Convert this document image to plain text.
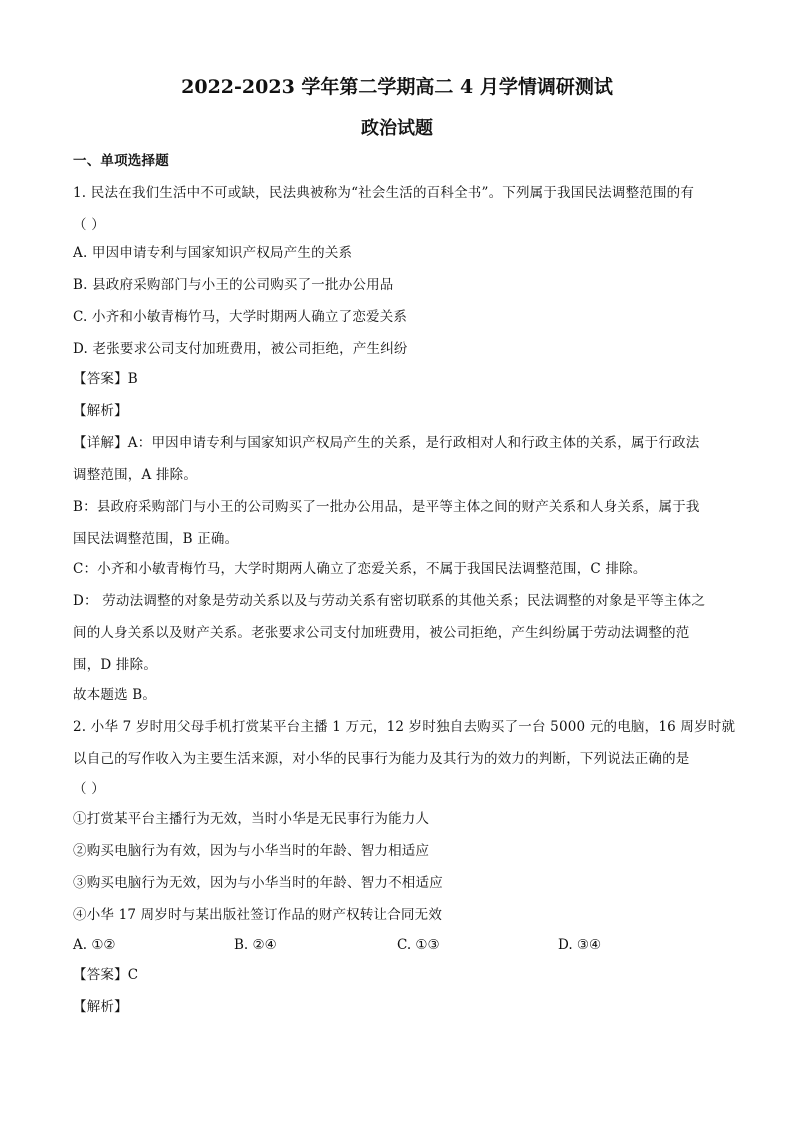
2022-2023 学年第二学期高二 4 月学情调研测试
政治试题
一、单项选择题
1. 民法在我们生活中不可或缺，民法典被称为“社会生活的百科全书”。下列属于我国民法调整范围的有
（ ）
A. 甲因申请专利与国家知识产权局产生的关系
B. 县政府采购部门与小王的公司购买了一批办公用品
C. 小齐和小敏青梅竹马，大学时期两人确立了恋爱关系
D. 老张要求公司支付加班费用，被公司拒绝，产生纠纷
【答案】B
【解析】
【详解】A：甲因申请专利与国家知识产权局产生的关系，是行政相对人和行政主体的关系，属于行政法
调整范围，A 排除。
B：县政府采购部门与小王的公司购买了一批办公用品，是平等主体之间的财产关系和人身关系，属于我
国民法调整范围，B 正确。
C：小齐和小敏青梅竹马，大学时期两人确立了恋爱关系，不属于我国民法调整范围，C 排除。
D： 劳动法调整的对象是劳动关系以及与劳动关系有密切联系的其他关系；民法调整的对象是平等主体之
间的人身关系以及财产关系。老张要求公司支付加班费用，被公司拒绝，产生纠纷属于劳动法调整的范
围，D 排除。
故本题选 B。
2. 小华 7 岁时用父母手机打赏某平台主播 1 万元，12 岁时独自去购买了一台 5000 元的电脑，16 周岁时就
以自己的写作收入为主要生活来源，对小华的民事行为能力及其行为的效力的判断，下列说法正确的是
（ ）
①打赏某平台主播行为无效，当时小华是无民事行为能力人
②购买电脑行为有效，因为与小华当时的年龄、智力相适应
③购买电脑行为无效，因为与小华当时的年龄、智力不相适应
④小华 17 周岁时与某出版社签订作品的财产权转让合同无效
A. ①②	B. ②④	C. ①③	D. ③④
【答案】C
【解析】
